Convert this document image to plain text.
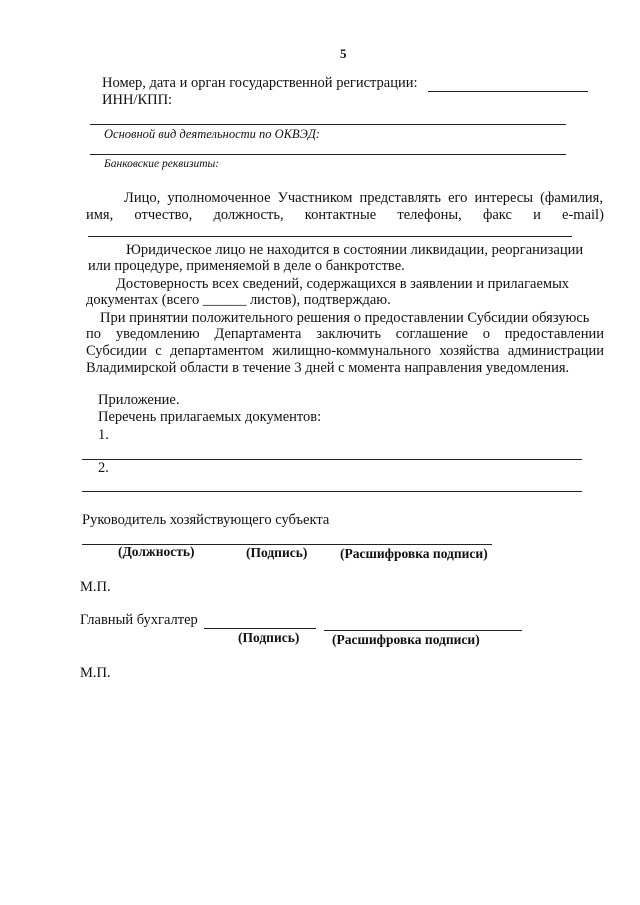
5
Номер, дата и орган государственной регистрации:
ИНН/КПП:
Основной вид деятельности по ОКВЭД:
Банковские реквизиты:
Лицо, уполномоченное Участником представлять его интересы (фамилия,
имя, отчество, должность, контактные телефоны, факс и e-mail)
Юридическое лицо не находится в состоянии ликвидации, реорганизации
или процедуре, применяемой в деле о банкротстве.
Достоверность всех сведений, содержащихся в заявлении и прилагаемых
документах (всего ______ листов), подтверждаю.
При принятии положительного решения о предоставлении Субсидии обязуюсь
по уведомлению Департамента заключить соглашение о предоставлении
Субсидии с департаментом жилищно-коммунального хозяйства администрации
Владимирской области в течение 3 дней с момента направления уведомления.
Приложение.
Перечень прилагаемых документов:
1.
2.
Руководитель хозяйствующего субъекта
(Должность)	(Подпись) (Расшифровка подписи)
М.П.
Главный бухгалтер
(Подпись) (Расшифровка подписи)
М.П.
